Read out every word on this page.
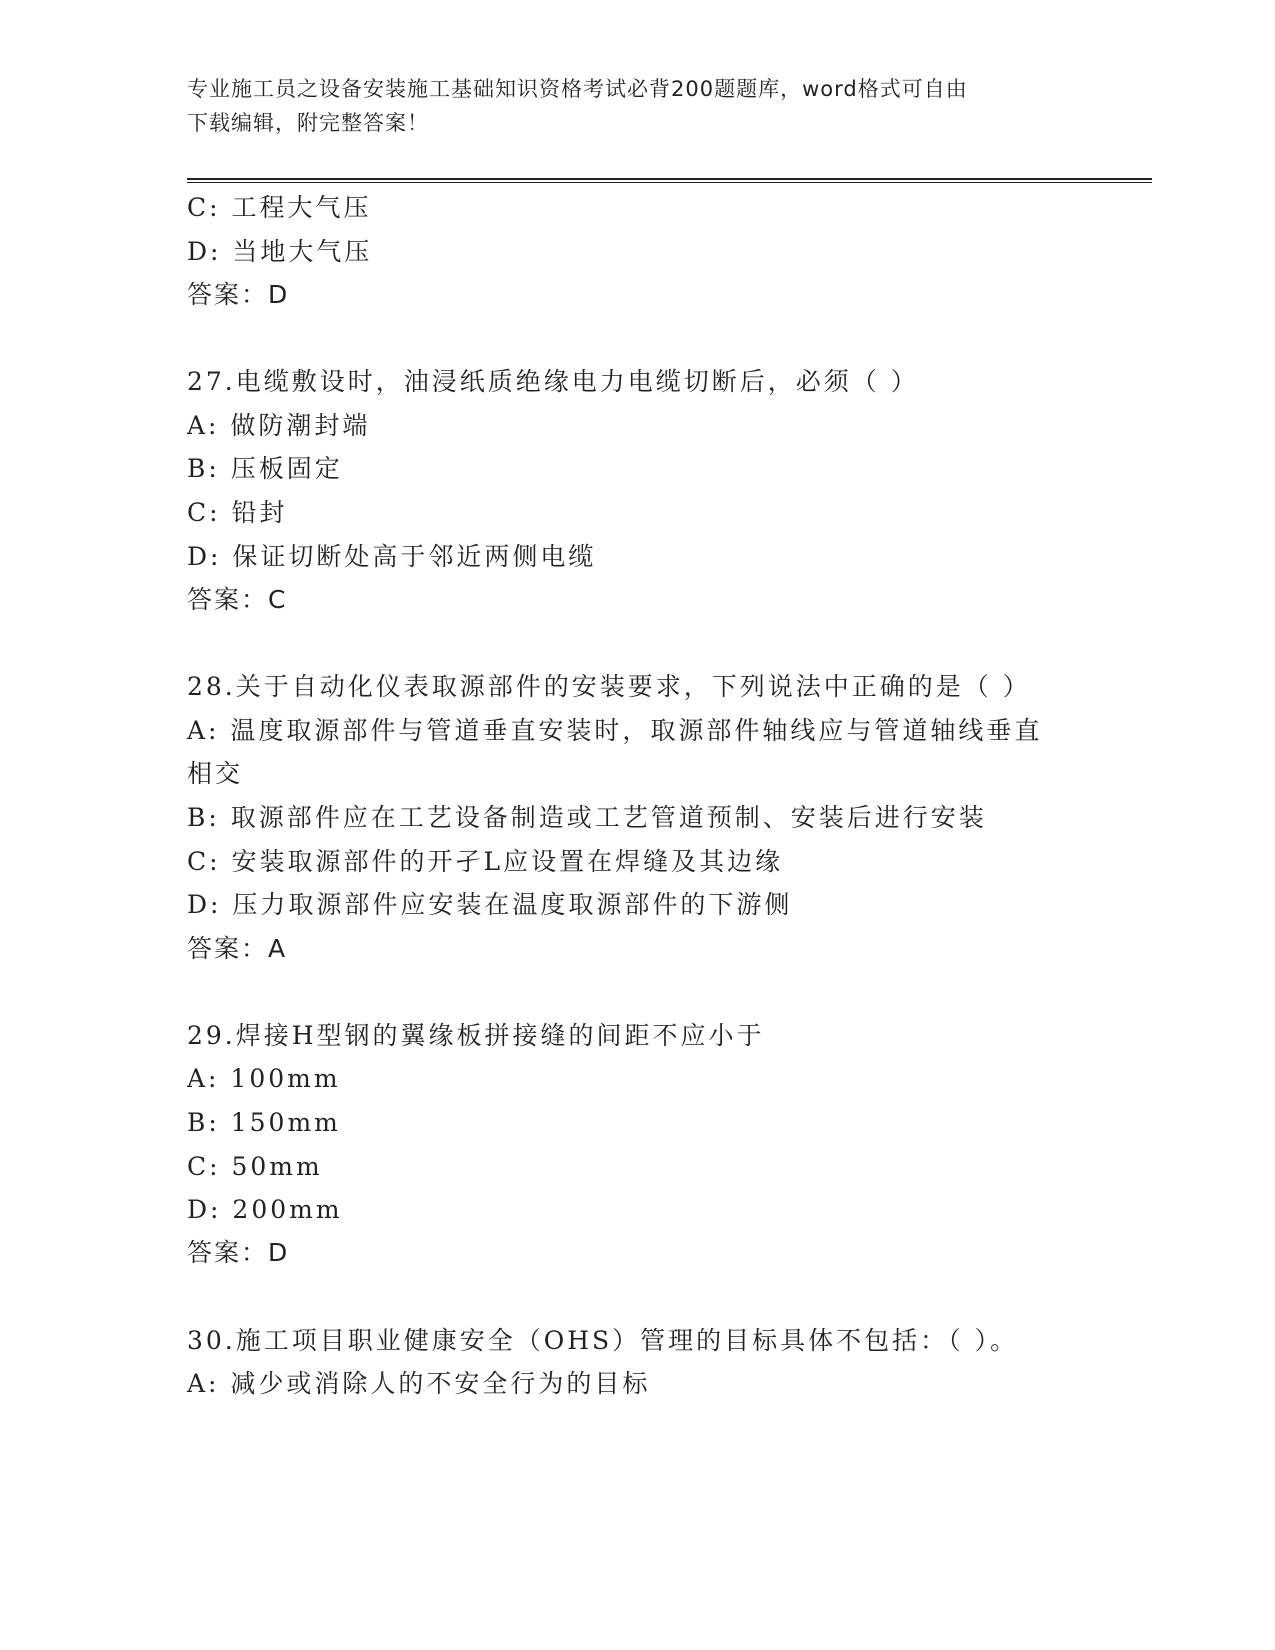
专业施工员之设备安装施工基础知识资格考试必背200题题库，word格式可自由
下载编辑，附完整答案！
C: 工程大气压
D: 当地大气压
答案：D
27.电缆敷设时，油浸纸质绝缘电力电缆切断后，必须（ ）
A: 做防潮封端
B: 压板固定
C: 铅封
D: 保证切断处高于邻近两侧电缆
答案：C
28.关于自动化仪表取源部件的安装要求，下列说法中正确的是（ ）
A: 温度取源部件与管道垂直安装时，取源部件轴线应与管道轴线垂直
相交
B: 取源部件应在工艺设备制造或工艺管道预制、安装后进行安装
C: 安装取源部件的开孑L应设置在焊缝及其边缘
D: 压力取源部件应安装在温度取源部件的下游侧
答案：A
29.焊接H型钢的翼缘板拼接缝的间距不应小于
A: 100mm
B: 150mm
C: 50mm
D: 200mm
答案：D
30.施工项目职业健康安全（OHS）管理的目标具体不包括：（ ）。
A: 减少或消除人的不安全行为的目标
